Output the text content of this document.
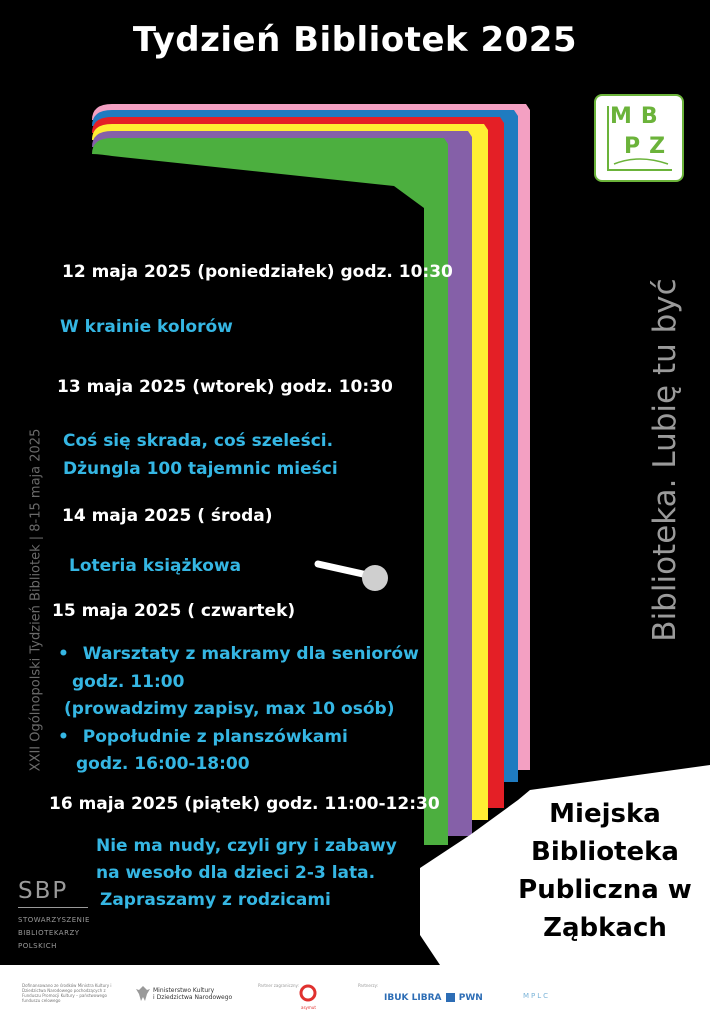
Tydzień Bibliotek 2025
MB
PZ
12 maja 2025 (poniedziałek) godz. 10:30
W krainie kolorów
13 maja 2025 (wtorek) godz. 10:30
Coś się skrada, coś szeleści.
Dżungla 100 tajemnic mieści
14 maja 2025 ( środa)
Loteria książkowa
15 maja 2025 ( czwartek)
• Warsztaty z makramy dla seniorów
godz. 11:00
(prowadzimy zapisy, max 10 osób)
• Popołudnie z planszówkami
godz. 16:00-18:00
16 maja 2025 (piątek) godz. 11:00-12:30
Nie ma nudy, czyli gry i zabawy
na wesoło dla dzieci 2-3 lata.
Zapraszamy z rodzicami
Biblioteka. Lubię tu być
XXII Ogólnopolski Tydzień Bibliotek | 8-15 maja 2025
Miejska
Biblioteka
Publiczna w
Ząbkach
SBP
STOWARZYSZENIE
BIBLIOTEKARZY
POLSKICH
Dofinansowano ze środków Ministra Kultury i Dziedzictwa Narodowego pochodzących z Funduszu Promocji Kultury – państwowego funduszu celowego
Ministerstwo Kultury
i Dziedzictwa Narodowego
Partner zagraniczny:
asymut
Partnerzy:
IBUK LIBRA PWN	MPLC
